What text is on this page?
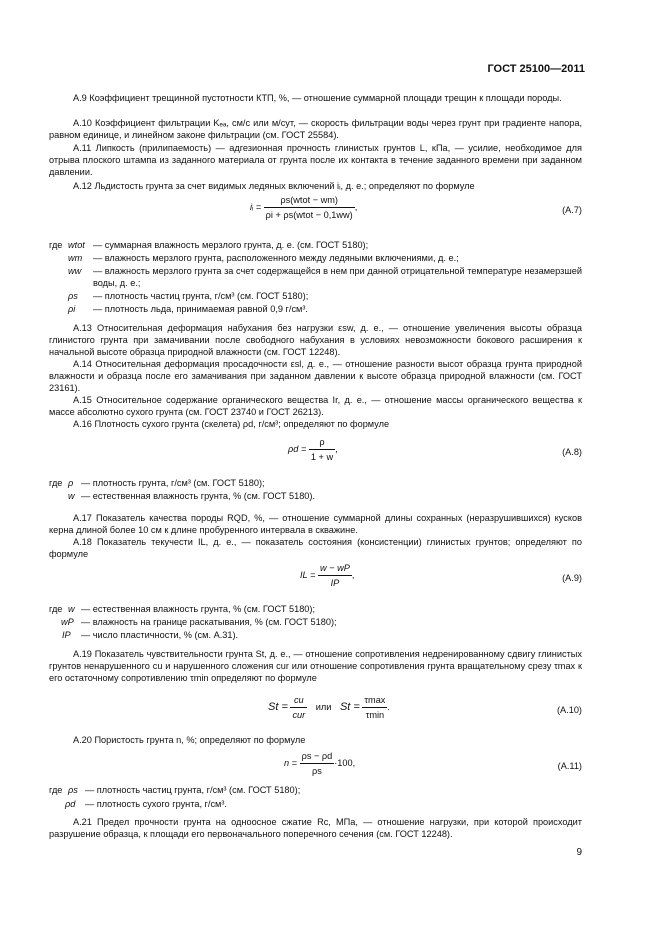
ГОСТ 25100—2011
А.9 Коэффициент трещинной пустотности КТП, %, — отношение суммарной площади трещин к площади породы.
А.10 Коэффициент фильтрации Kₑₐ, см/с или м/сут, — скорость фильтрации воды через грунт при градиенте напора, равном единице, и линейном законе фильтрации (см. ГОСТ 25584).
А.11 Липкость (прилипаемость) — адгезионная прочность глинистых грунтов L, кПа, — усилие, необходимое для отрыва плоского штампа из заданного материала от грунта после их контакта в течение заданного времени при заданном давлении.
А.12 Льдистость грунта за счет видимых ледяных включений iᵢ, д. е.; определяют по формуле
iᵢ = $\frac{\text{ρs(wtot − wm)}}{\text{ρi + ρs(wtot − 0,1ww)}}$ ,	(А.7)
где wtot — суммарная влажность мерзлого грунта, д. е. (см. ГОСТ 5180);
wm — влажность мерзлого грунта, расположенного между ледяными включениями, д. е.;
ww — влажность мерзлого грунта за счет содержащейся в нем при данной отрицательной температуре незамерзшей воды, д. е.;
ρs — плотность частиц грунта, г/см³ (см. ГОСТ 5180);
ρi — плотность льда, принимаемая равной 0,9 г/см³.
А.13 Относительная деформация набухания без нагрузки εsw, д. е., — отношение увеличения высоты образца глинистого грунта при замачивании после свободного набухания в условиях невозможности бокового расширения к начальной высоте образца природной влажности (см. ГОСТ 12248).
А.14 Относительная деформация просадочности εsl, д. е., — отношение разности высот образца грунта природной влажности и образца после его замачивания при заданном давлении к высоте образца природной влажности (см. ГОСТ 23161).
А.15 Относительное содержание органического вещества Ir, д. е., — отношение массы органического вещества к массе абсолютно сухого грунта (см. ГОСТ 23740 и ГОСТ 26213).
А.16 Плотность сухого грунта (скелета) ρd, г/см³; определяют по формуле
$\rho d = \frac{\rho}{1 + w}$ ,	(А.8)
где ρ — плотность грунта, г/см³ (см. ГОСТ 5180);
w — естественная влажность грунта, % (см. ГОСТ 5180).
А.17 Показатель качества породы RQD, %, — отношение суммарной длины сохранных (неразрушившихся) кусков керна длиной более 10 см к длине пробуренного интервала в скважине.
А.18 Показатель текучести IL, д. е., — показатель состояния (консистенции) глинистых грунтов; определяют по формуле
IL = $\frac{w - wP}{IP}$ ,	(А.9)
где w — естественная влажность грунта, % (см. ГОСТ 5180);
wP — влажность на границе раскатывания, % (см. ГОСТ 5180);
IP — число пластичности, % (см. А.31).
А.19 Показатель чувствительности грунта St, д. е., — отношение сопротивления недренированному сдвигу глинистых грунтов ненарушенного cu и нарушенного сложения cur или отношение сопротивления грунта вращательному срезу τmax к его остаточному сопротивлению τmin определяют по формуле
$St = \frac{cu}{\text{cur}}$ или $St = \frac{\tau\max}{\tau\min}$ .	(А.10)
А.20 Пористость грунта n, %; определяют по формуле
$n = \frac{\rho s - \rho d}{\rho s} \cdot 100$,	(А.11)
где ρs — плотность частиц грунта, г/см³ (см. ГОСТ 5180);
ρd — плотность сухого грунта, г/см³.
А.21 Предел прочности грунта на одноосное сжатие Rc, МПа, — отношение нагрузки, при которой происходит разрушение образца, к площади его первоначального поперечного сечения (см. ГОСТ 12248).
9
